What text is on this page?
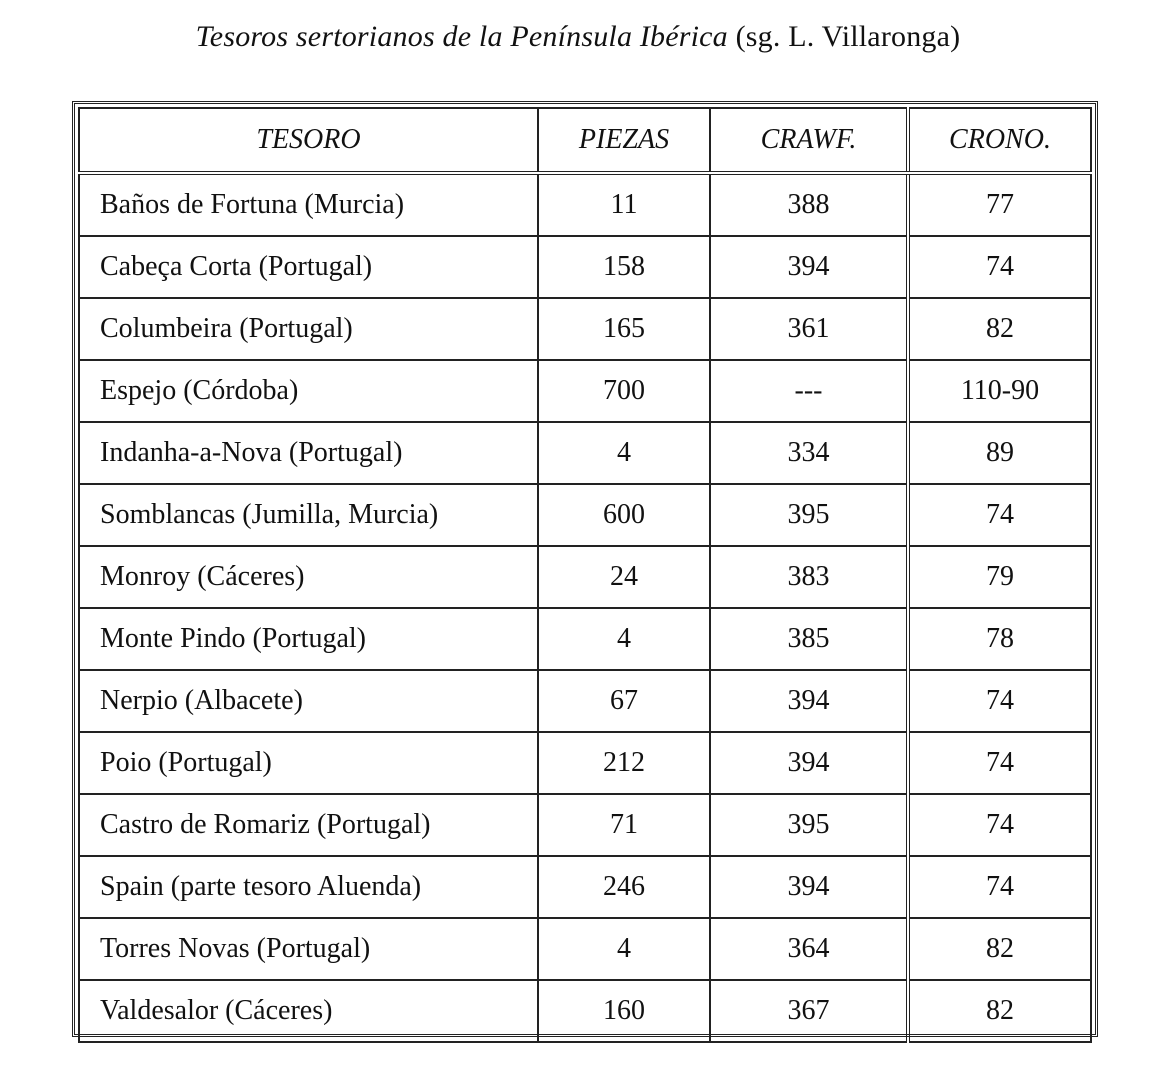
Tesoros sertorianos de la Península Ibérica (sg. L. Villaronga)
TESORO	PIEZAS	CRAWF.	CRONO.
Baños de Fortuna (Murcia)	11	388	77
Cabeça Corta (Portugal)	158	394	74
Columbeira (Portugal)	165	361	82
Espejo (Córdoba)	700	---	110-90
Indanha-a-Nova (Portugal)	4	334	89
Somblancas (Jumilla, Murcia)	600	395	74
Monroy (Cáceres)	24	383	79
Monte Pindo (Portugal)	4	385	78
Nerpio (Albacete)	67	394	74
Poio (Portugal)	212	394	74
Castro de Romariz (Portugal)	71	395	74
Spain (parte tesoro Aluenda)	246	394	74
Torres Novas (Portugal)	4	364	82
Valdesalor (Cáceres)	160	367	82
